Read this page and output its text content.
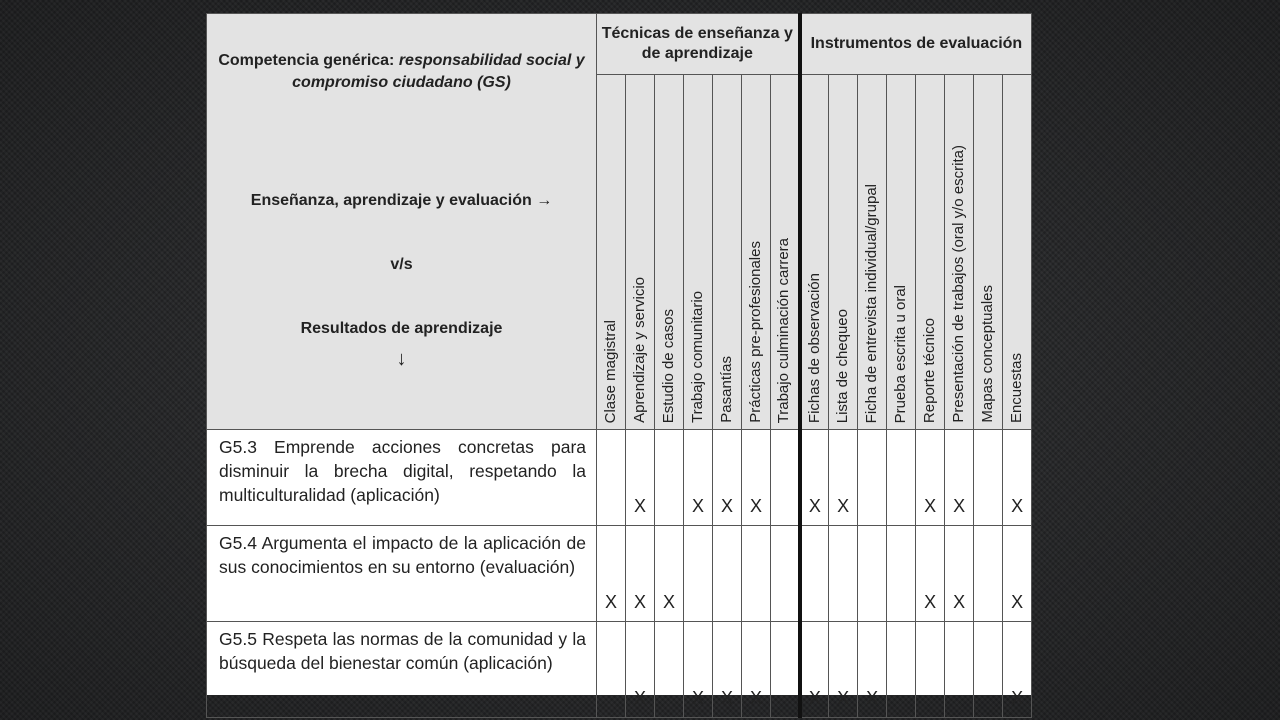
Competencia genérica: responsabilidad social y compromiso ciudadano (GS)
Enseñanza, aprendizaje y evaluación →
v/s
Resultados de aprendizaje
↓	Técnicas de enseñanza y de aprendizaje							Instrumentos de evaluación							

	Clase magistral	Aprendizaje y servicio	Estudio de casos	Trabajo comunitario	Pasantías	Prácticas pre-profesionales	Trabajo culminación carrera	Fichas de observación	Lista de chequeo	Ficha de entrevista individual/grupal	Prueba escrita u oral	Reporte técnico	Presentación de trabajos (oral y/o escrita)	Mapas conceptuales	Encuestas

G5.3 Emprende acciones concretas para disminuir la brecha digital, respetando la multiculturalidad (aplicación)		X		X	X	X		X	X			X	X		X
G5.4 Argumenta el impacto de la aplicación de sus conocimientos en su entorno (evaluación)	X	X	X									X	X		X
G5.5 Respeta las normas de la comunidad y la búsqueda del bienestar común (aplicación)		X		X	X	X		X	X	X					X
